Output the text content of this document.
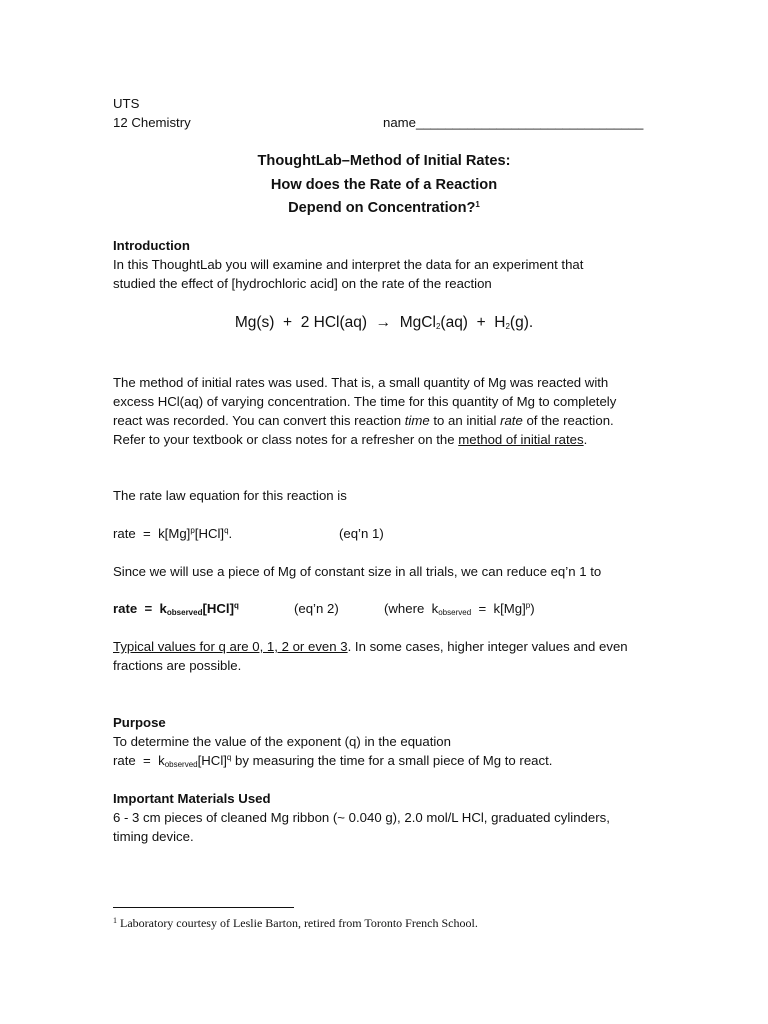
UTS
12 Chemistry	name_______________________________
ThoughtLab–Method of Initial Rates:
How does the Rate of a Reaction
Depend on Concentration?$^1$

Introduction

In this ThoughtLab you will examine and interpret the data for an experiment that

studied the effect of [hydrochloric acid] on the rate of the reaction

Mg(s)  +  2 HCl(aq)  →  MgCl$_2$(aq)  +  $H_2(g)$.

The method of initial rates was used. That is, a small quantity of Mg was reacted with

excess HCl(aq) of varying concentration. The time for this quantity of Mg to completely

react was recorded. You can convert this reaction time to an initial rate of the reaction.

Refer to your textbook or class notes for a refresher on the method of initial rates.

The rate law equation for this reaction is
rate  =  $k[Mg]^p[HCl]^q$.	(eq’n 1)
Since we will use a piece of Mg of constant size in all trials, we can reduce eq’n 1 to
rate  =  $k_{observed}[HCl]^q$	(eq’n 2)	(where  $k_{observed} = k[Mg]^p$)

Typical values for q are 0, 1, 2 or even 3. In some cases, higher integer values and even

fractions are possible.

Purpose

To determine the value of the exponent (q) in the equation

rate  =  $k_{observed}[HCl]^q$ by measuring the time for a small piece of Mg to react.

Important Materials Used

6 - 3 cm pieces of cleaned Mg ribbon (~ 0.040 g), 2.0 mol/L HCl, graduated cylinders,

timing device.

$^1$ Laboratory courtesy of Leslie Barton, retired from Toronto French School.
